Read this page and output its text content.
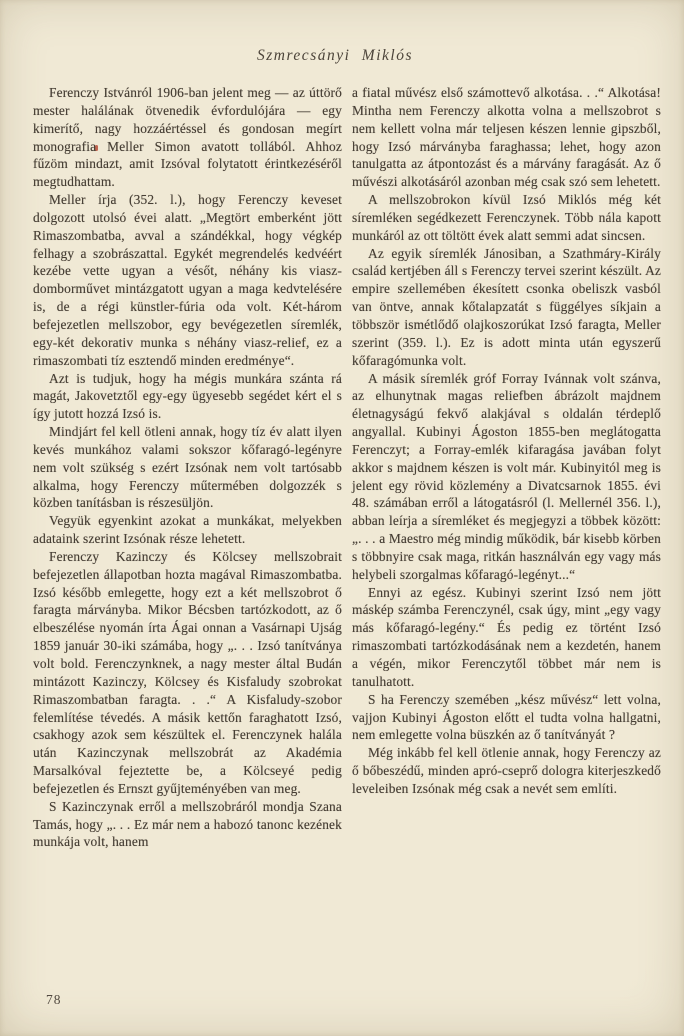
Szmrecsányi Miklós

Ferenczy Istvánról 1906-ban jelent meg — az úttörő mester halálának ötvenedik évfordulójára — egy kimerítő, nagy hozzáértéssel és gondosan megírt monografia Meller Simon avatott tollából. Ahhoz fűzöm mindazt, amit Izsóval folytatott érintkezéséről megtudhattam.

Meller írja (352. l.), hogy Ferenczy keveset dolgozott utolsó évei alatt. „Megtört emberként jött Rimaszombatba, avval a szándékkal, hogy végkép felhagy a szobrászattal. Egykét megrendelés kedvéért kezébe vette ugyan a vésőt, néhány kis viasz-domborművet mintázgatott ugyan a maga kedvtelésére is, de a régi künstler-fúria oda volt. Két-három befejezetlen mellszobor, egy bevégezetlen síremlék, egy-két dekorativ munka s néhány viasz-relief, ez a rimaszombati tíz esztendő minden eredménye“.

Azt is tudjuk, hogy ha mégis munkára szánta rá magát, Jakovetztől egy-egy ügyesebb segédet kért el s így jutott hozzá Izsó is.

Mindjárt fel kell ötleni annak, hogy tíz év alatt ilyen kevés munkához valami sokszor kőfaragó-legényre nem volt szükség s ezért Izsónak nem volt tartósabb alkalma, hogy Ferenczy műtermében dolgozzék s közben tanításban is részesüljön.

Vegyük egyenkint azokat a munkákat, melyekben adataink szerint Izsónak része lehetett.

Ferenczy Kazinczy és Kölcsey mellszobrait befejezetlen állapotban hozta magával Rimaszombatba. Izsó később emlegette, hogy ezt a két mellszobrot ő faragta márványba. Mikor Bécsben tartózkodott, az ő elbeszélése nyomán írta Ágai onnan a Vasárnapi Ujság 1859 január 30-iki számába, hogy „. . . Izsó tanítványa volt bold. Ferenczynknek, a nagy mester által Budán mintázott Kazinczy, Kölcsey és Kisfaludy szobrokat Rimaszombatban faragta. . .“ A Kisfaludy-szobor felemlítése tévedés. A másik kettőn faraghatott Izsó, csakhogy azok sem készültek el. Ferenczynek halála után Kazinczynak mellszobrát az Akadémia Marsalkóval fejeztette be, a Kölcseyé pedig befejezetlen és Ernszt gyűjteményében van meg.

S Kazinczynak erről a mellszobráról mondja Szana Tamás, hogy „. . . Ez már nem a habozó tanonc kezének munkája volt, hanem

a fiatal művész első számottevő alkotása. . .“ Alkotása! Mintha nem Ferenczy alkotta volna a mellszobrot s nem kellett volna már teljesen készen lennie gipszből, hogy Izsó márványba faraghassa; lehet, hogy azon tanulgatta az átpontozást és a márvány faragását. Az ő művészi alkotásáról azonban még csak szó sem lehetett.

A mellszobrokon kívül Izsó Miklós még két síremléken segédkezett Ferenczynek. Több nála kapott munkáról az ott töltött évek alatt semmi adat sincsen.

Az egyik síremlék Jánosiban, a Szathmáry-Király család kertjében áll s Ferenczy tervei szerint készült. Az empire szellemében ékesített csonka obeliszk vasból van öntve, annak kőtalapzatát s függélyes síkjain a többször ismétlődő olajkoszorúkat Izsó faragta, Meller szerint (359. l.). Ez is adott minta után egyszerű kőfaragómunka volt.

A másik síremlék gróf Forray Ivánnak volt szánva, az elhunytnak magas reliefben ábrázolt majdnem életnagyságú fekvő alakjával s oldalán térdeplő angyallal. Kubinyi Ágoston 1855-ben meglátogatta Ferenczyt; a Forray-emlék kifaragása javában folyt akkor s majdnem készen is volt már. Kubinyitól meg is jelent egy rövid közlemény a Divatcsarnok 1855. évi 48. számában erről a látogatásról (l. Mellernél 356. l.), abban leírja a síremléket és megjegyzi a többek között: „. . . a Maestro még mindig működik, bár kisebb körben s többnyire csak maga, ritkán használván egy vagy más helybeli szorgalmas kőfaragó-legényt...“

Ennyi az egész. Kubinyi szerint Izsó nem jött máskép számba Ferenczynél, csak úgy, mint „egy vagy más kőfaragó-legény.“ És pedig ez történt Izsó rimaszombati tartózkodásának nem a kezdetén, hanem a végén, mikor Ferenczytől többet már nem is tanulhatott.

S ha Ferenczy szemében „kész művész“ lett volna, vajjon Kubinyi Ágoston előtt el tudta volna hallgatni, nem emlegette volna büszkén az ő tanítványát ?

Még inkább fel kell ötlenie annak, hogy Ferenczy az ő bőbeszédű, minden apró-cseprő dologra kiterjeszkedő leveleiben Izsónak még csak a nevét sem említi.

78
